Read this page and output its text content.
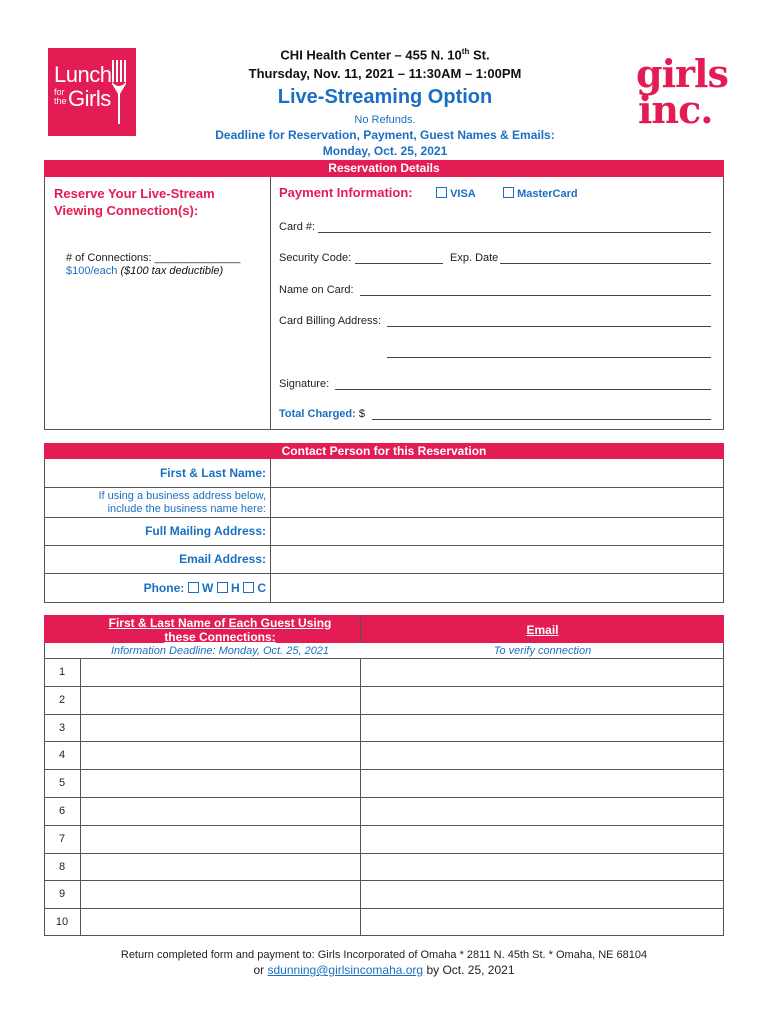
Lunch
for
the Girls
girls
inc.
CHI Health Center – 455 N. 10th St.
Thursday, Nov. 11, 2021 – 11:30AM – 1:00PM
Live-Streaming Option
No Refunds.
Deadline for Reservation, Payment, Guest Names & Emails:
Monday, Oct. 25, 2021
Reservation Details
Reserve Your Live-Stream
Viewing Connection(s):
# of Connections: ______________
$100/each ($100 tax deductible)
Payment Information:	VISA	MasterCard
Card #:
Security Code:	Exp. Date
Name on Card:
Card Billing Address:
Signature:
Total Charged: $
Contact Person for this Reservation
First & Last Name:
If using a business address below,
include the business name here:
Full Mailing Address:
Email Address:
Phone: W H C
First & Last Name of Each Guest Using
these Connections:	Email
Information Deadline: Monday, Oct. 25, 2021	To verify connection
1
2
3
4
5
6
7
8
9
10
Return completed form and payment to: Girls Incorporated of Omaha * 2811 N. 45th St. * Omaha, NE 68104
or sdunning@girlsincomaha.org by Oct. 25, 2021
